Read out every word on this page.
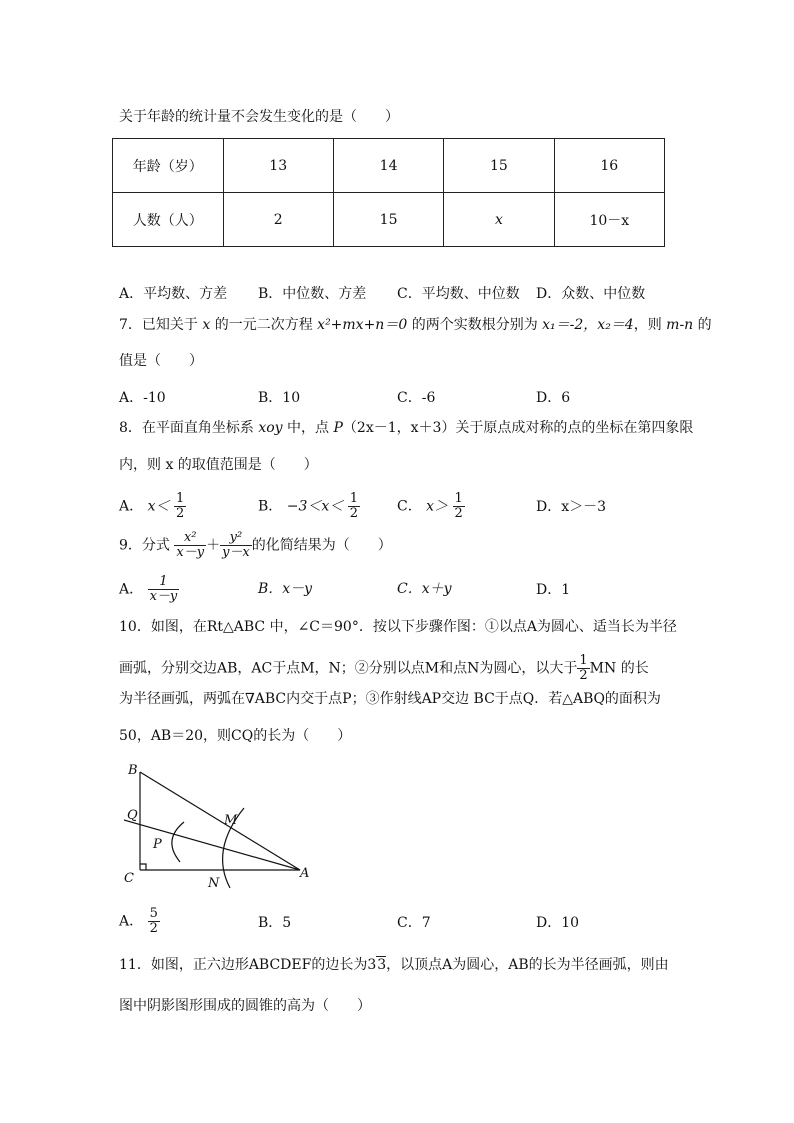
关于年龄的统计量不会发生变化的是（　　）
年龄（岁）	13	14	15	16
人数（人）	2	15	x	10－x
A．平均数、方差 B．中位数、方差 C．平均数、中位数 D．众数、中位数
7．已知关于 x 的一元二次方程 x²+mx+n＝0 的两个实数根分别为 x₁＝-2，x₂＝4，则 m-n 的
值是（　　）
A．-10	B．10	C．-6	D．6
8．在平面直角坐标系 xoy 中，点 P（2x－1，x＋3）关于原点成对称的点的坐标在第四象限
内，则 x 的取值范围是（　　）
A． $x< \frac{1}{2}$	B． $-3<x< \frac{1}{2}$	C． $x> \frac{1}{2}$	D．x＞－3
9．分式 $\frac{\text{x²}}{x-y} + \frac{\text{y²}}{y-x}$ 的化简结果为（　　）
A． $\frac{1}{x-y}$	B．x－y	C．x＋y	D．1
10．如图，在Rt△ABC 中，∠C＝90°．按以下步骤作图：①以点A为圆心、适当长为半径
画弧，分别交边AB，AC于点M，N；②分别以点M和点N为圆心，以大于 $\frac{1}{2}$ MN 的长
为半径画弧，两弧在∇ABC内交于点P；③作射线AP交边 BC于点Q．若△ABQ的面积为
50，AB＝20，则CQ的长为（　　）
B
Q	M
P
C	N
A
A． $\frac{5}{2}$	B．5	C．7	D．10
11．如图，正六边形ABCDEF的边长为33，以顶点A为圆心，AB的长为半径画弧，则由
图中阴影图形围成的圆锥的高为（　　）
